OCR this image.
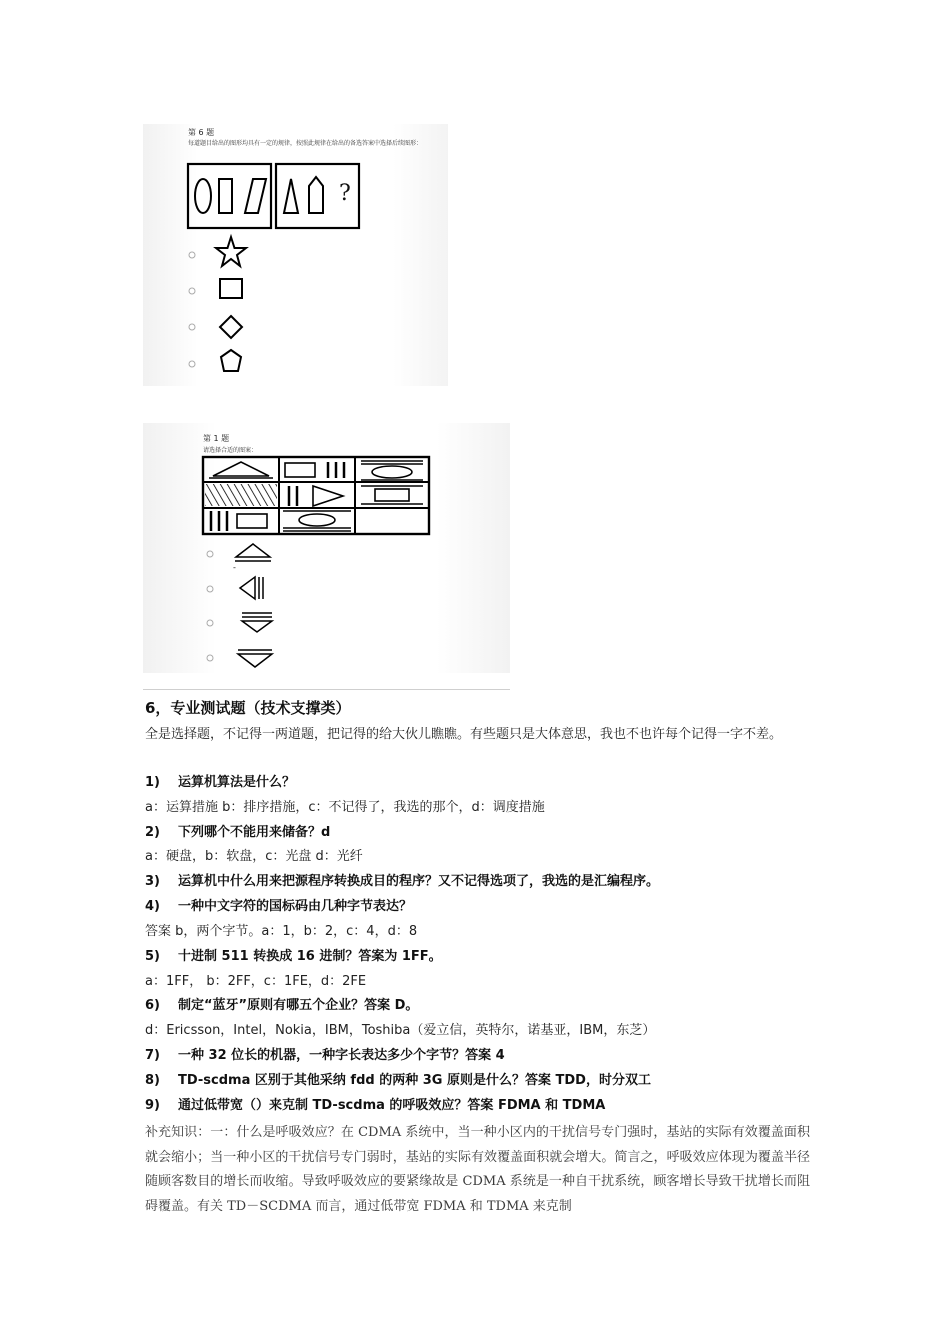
第 6 题
每道题目给出的图形均具有一定的规律，按照此规律在给出的备选答案中选择后续图形：
?
第 1 题
请选择合适的图案：
-
6，专业测试题（技术支撑类）
全是选择题，不记得一两道题，把记得的给大伙儿瞧瞧。有些题只是大体意思，我也不也许每个记得一字不差。
1) 运算机算法是什么？
a：运算措施 b：排序措施，c：不记得了，我选的那个，d：调度措施
2) 下列哪个不能用来储备？d
a：硬盘，b：软盘，c：光盘 d：光纤
3) 运算机中什么用来把源程序转换成目的程序？又不记得选项了，我选的是汇编程序。
4) 一种中文字符的国标码由几种字节表达？
答案 b，两个字节。a：1，b：2，c：4，d：8
5) 十进制 511 转换成 16 进制？答案为 1FF。
a：1FF， b：2FF，c：1FE，d：2FE
6) 制定“蓝牙”原则有哪五个企业？答案 D。
d：Ericsson，Intel，Nokia，IBM，Toshiba（爱立信，英特尔，诺基亚，IBM，东芝）
7) 一种 32 位长的机器，一种字长表达多少个字节？答案 4
8) TD-scdma 区别于其他采纳 fdd 的两种 3G 原则是什么？答案 TDD，时分双工
9) 通过低带宽（）来克制 TD-scdma 的呼吸效应？答案 FDMA 和 TDMA
补充知识：一：什么是呼吸效应？在 CDMA 系统中，当一种小区内的干扰信号专门强时，基站的实际有效覆盖面积就会缩小；当一种小区的干扰信号专门弱时，基站的实际有效覆盖面积就会增大。简言之，呼吸效应体现为覆盖半径随顾客数目的增长而收缩。导致呼吸效应的要紧缘故是 CDMA 系统是一种自干扰系统，顾客增长导致干扰增长而阻碍覆盖。有关 TD－SCDMA 而言，通过低带宽 FDMA 和 TDMA 来克制
